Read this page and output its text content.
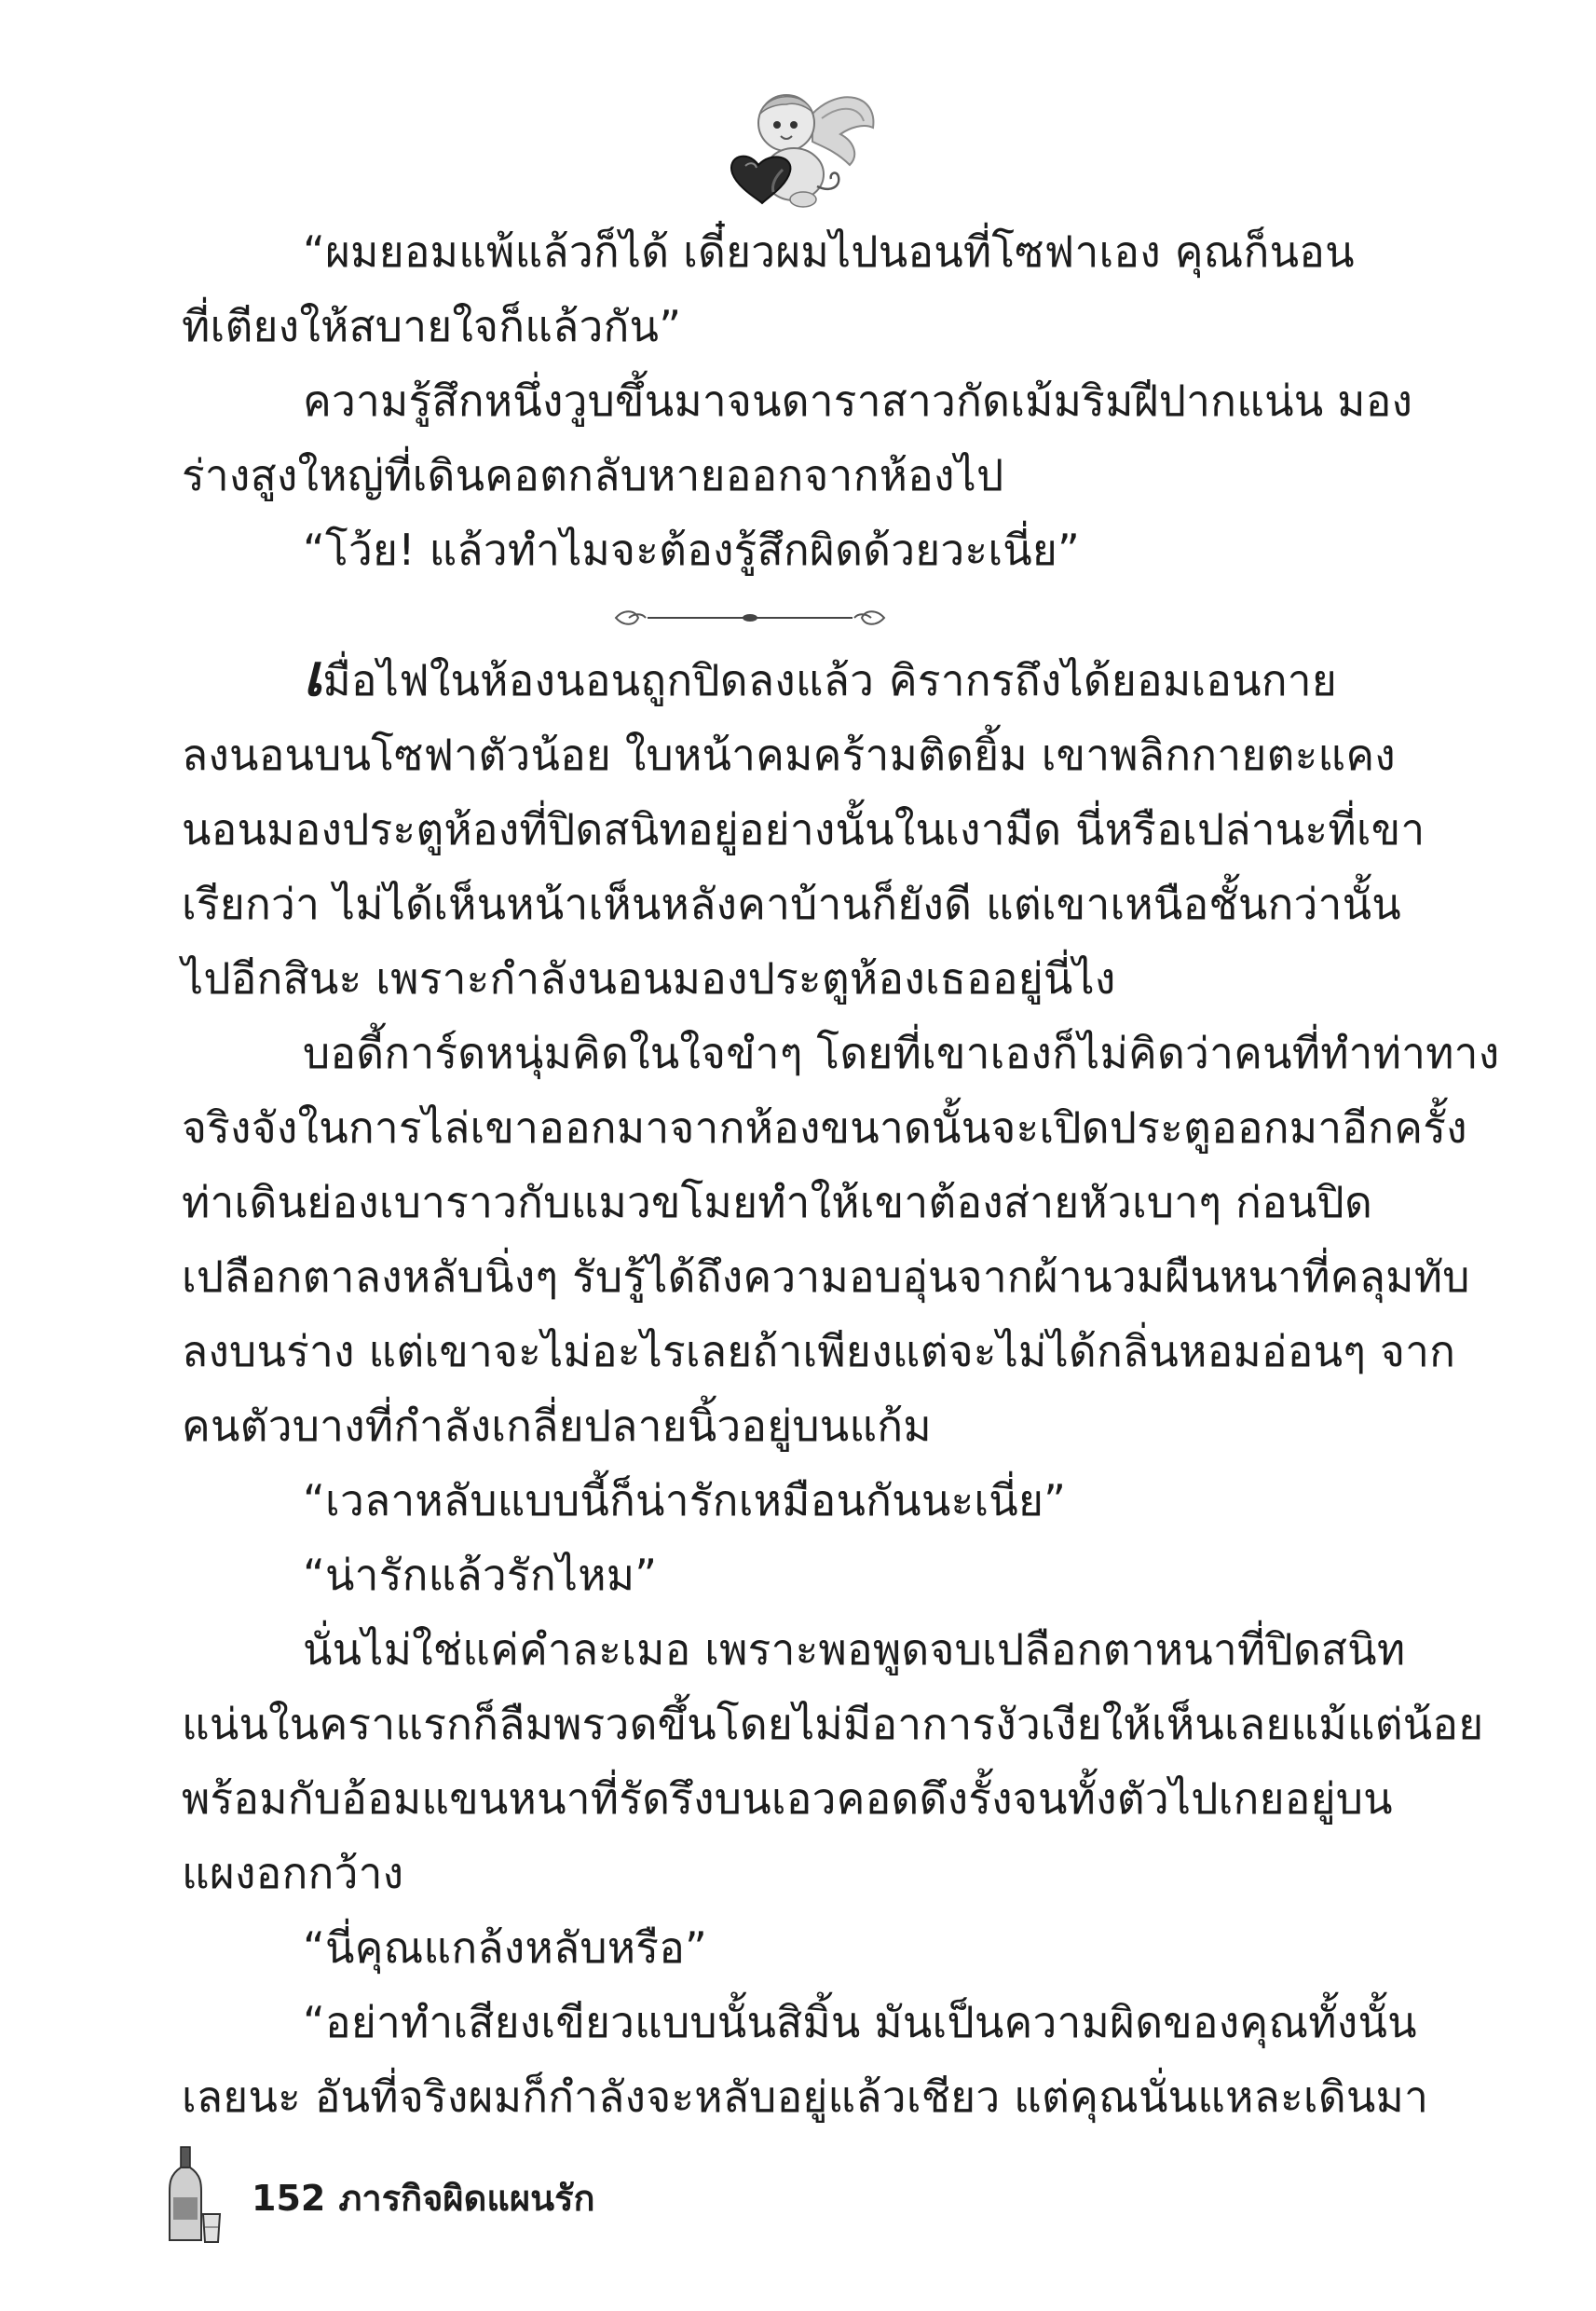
“ผมยอมแพ้แล้วก็ได้ เดี๋ยวผมไปนอนที่โซฟาเอง คุณก็นอน
ที่เตียงให้สบายใจก็แล้วกัน”
ความรู้สึกหนึ่งวูบขึ้นมาจนดาราสาวกัดเม้มริมฝีปากแน่น มอง
ร่างสูงใหญ่ที่เดินคอตกลับหายออกจากห้องไป
“โว้ย! แล้วทำไมจะต้องรู้สึกผิดด้วยวะเนี่ย”
เมื่อไฟในห้องนอนถูกปิดลงแล้ว คิรากรถึงได้ยอมเอนกาย
ลงนอนบนโซฟาตัวน้อย ใบหน้าคมคร้ามติดยิ้ม เขาพลิกกายตะแคง
นอนมองประตูห้องที่ปิดสนิทอยู่อย่างนั้นในเงามืด นี่หรือเปล่านะที่เขา
เรียกว่า ไม่ได้เห็นหน้าเห็นหลังคาบ้านก็ยังดี แต่เขาเหนือชั้นกว่านั้น
ไปอีกสินะ เพราะกำลังนอนมองประตูห้องเธออยู่นี่ไง
บอดี้การ์ดหนุ่มคิดในใจขำๆ โดยที่เขาเองก็ไม่คิดว่าคนที่ทำท่าทาง
จริงจังในการไล่เขาออกมาจากห้องขนาดนั้นจะเปิดประตูออกมาอีกครั้ง
ท่าเดินย่องเบาราวกับแมวขโมยทำให้เขาต้องส่ายหัวเบาๆ ก่อนปิด
เปลือกตาลงหลับนิ่งๆ รับรู้ได้ถึงความอบอุ่นจากผ้านวมผืนหนาที่คลุมทับ
ลงบนร่าง แต่เขาจะไม่อะไรเลยถ้าเพียงแต่จะไม่ได้กลิ่นหอมอ่อนๆ จาก
คนตัวบางที่กำลังเกลี่ยปลายนิ้วอยู่บนแก้ม
“เวลาหลับแบบนี้ก็น่ารักเหมือนกันนะเนี่ย”
“น่ารักแล้วรักไหม”
นั่นไม่ใช่แค่คำละเมอ เพราะพอพูดจบเปลือกตาหนาที่ปิดสนิท
แน่นในคราแรกก็ลืมพรวดขึ้นโดยไม่มีอาการงัวเงียให้เห็นเลยแม้แต่น้อย
พร้อมกับอ้อมแขนหนาที่รัดรึงบนเอวคอดดึงรั้งจนทั้งตัวไปเกยอยู่บน
แผงอกกว้าง
“นี่คุณแกล้งหลับหรือ”
“อย่าทำเสียงเขียวแบบนั้นสิมิ้น มันเป็นความผิดของคุณทั้งนั้น
เลยนะ อันที่จริงผมก็กำลังจะหลับอยู่แล้วเชียว แต่คุณนั่นแหละเดินมา
152 ภารกิจผิดแผนรัก
